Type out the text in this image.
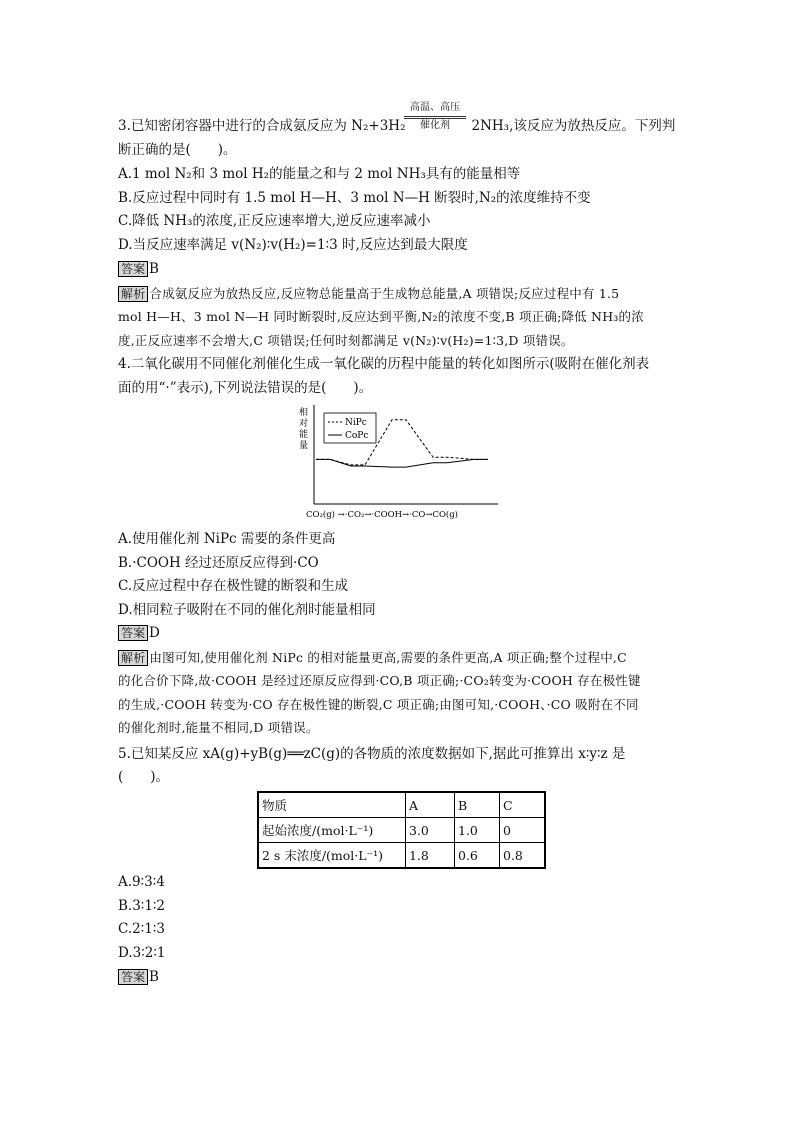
高温、高压
催化剂
3.已知密闭容器中进行的合成氨反应为 N₂+3H₂	2NH₃,该反应为放热反应。下列判
断正确的是(　　)。
A.1 mol N₂和 3 mol H₂的能量之和与 2 mol NH₃具有的能量相等
B.反应过程中同时有 1.5 mol H—H、3 mol N—H 断裂时,N₂的浓度维持不变
C.降低 NH₃的浓度,正反应速率增大,逆反应速率减小
D.当反应速率满足 v(N₂)∶v(H₂)=1∶3 时,反应达到最大限度
答案 B
解析 合成氨反应为放热反应,反应物总能量高于生成物总能量,A 项错误;反应过程中有 1.5
mol H—H、3 mol N—H 同时断裂时,反应达到平衡,N₂的浓度不变,B 项正确;降低 NH₃的浓
度,正反应速率不会增大,C 项错误;任何时刻都满足 v(N₂)∶v(H₂)=1∶3,D 项错误。
4.二氧化碳用不同催化剂催化生成一氧化碳的历程中能量的转化如图所示(吸附在催化剂表
面的用“·”表示),下列说法错误的是(　　)。
相
对
能
量
NiPc
CoPc
CO₂(g) →·CO₂→·COOH→·CO→CO(g)
A.使用催化剂 NiPc 需要的条件更高
B.·COOH 经过还原反应得到·CO
C.反应过程中存在极性键的断裂和生成
D.相同粒子吸附在不同的催化剂时能量相同
答案 D
解析 由图可知,使用催化剂 NiPc 的相对能量更高,需要的条件更高,A 项正确;整个过程中,C
的化合价下降,故·COOH 是经过还原反应得到·CO,B 项正确;·CO₂转变为·COOH 存在极性键
的生成,·COOH 转变为·CO 存在极性键的断裂,C 项正确;由图可知,·COOH、·CO 吸附在不同
的催化剂时,能量不相同,D 项错误。
5.已知某反应 xA(g)+yB(g)══zC(g)的各物质的浓度数据如下,据此可推算出 x∶y∶z 是
(　　)。
物质	A	B	C
起始浓度/(mol·L⁻¹)	3.0	1.0	0
2 s 末浓度/(mol·L⁻¹)	1.8	0.6	0.8
A.9∶3∶4
B.3∶1∶2
C.2∶1∶3
D.3∶2∶1
答案 B
